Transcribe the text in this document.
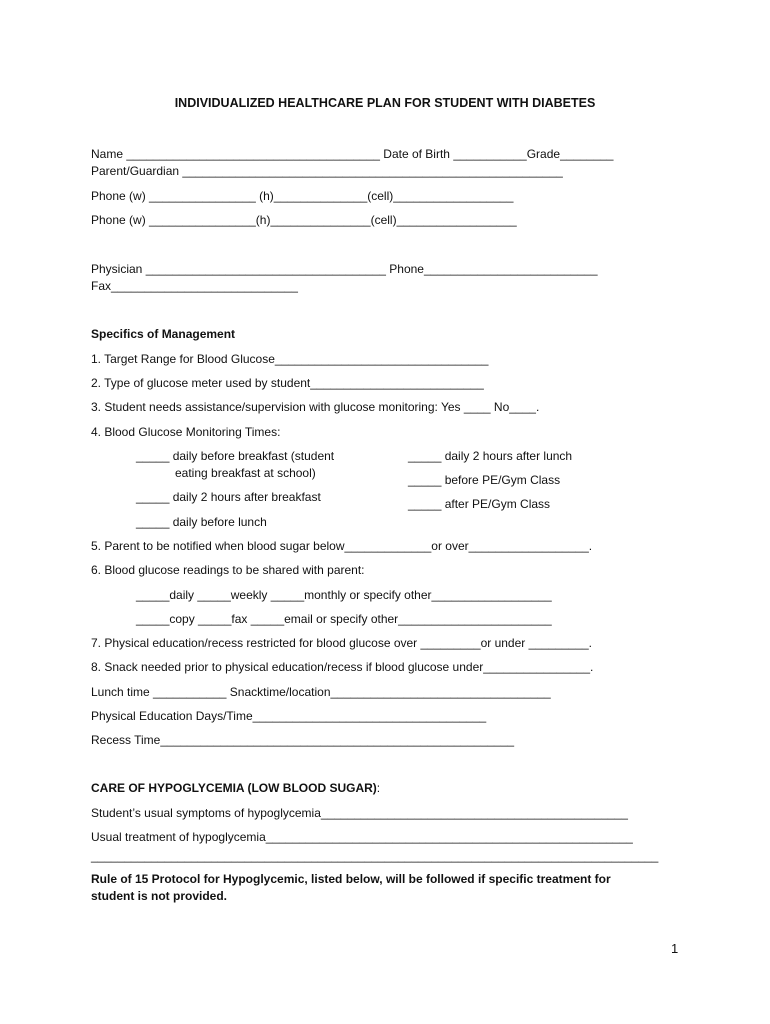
INDIVIDUALIZED HEALTHCARE PLAN FOR STUDENT WITH DIABETES
Name ______________________________________ Date of Birth ___________Grade________
Parent/Guardian _________________________________________________________
Phone (w) ________________ (h)______________(cell)__________________
Phone (w) ________________(h)_______________(cell)__________________
Physician ____________________________________ Phone__________________________
Fax____________________________
Specifics of Management
1. Target Range for Blood Glucose________________________________
2. Type of glucose meter used by student__________________________
3. Student needs assistance/supervision with glucose monitoring: Yes ____ No____.
4. Blood Glucose Monitoring Times:
_____ daily before breakfast (student
eating breakfast at school)
_____ daily 2 hours after breakfast
_____ daily before lunch
_____ daily 2 hours after lunch
_____ before PE/Gym Class
_____ after PE/Gym Class
5. Parent to be notified when blood sugar below_____________or over__________________.
6. Blood glucose readings to be shared with parent:
_____daily _____weekly _____monthly or specify other__________________
_____copy _____fax _____email or specify other_______________________
7. Physical education/recess restricted for blood glucose over _________or under _________.
8. Snack needed prior to physical education/recess if blood glucose under________________.
Lunch time ___________ Snacktime/location_________________________________
Physical Education Days/Time___________________________________
Recess Time_____________________________________________________
CARE OF HYPOGLYCEMIA (LOW BLOOD SUGAR):
Student’s usual symptoms of hypoglycemia______________________________________________
Usual treatment of hypoglycemia_______________________________________________________
_____________________________________________________________________________________
Rule of 15 Protocol for Hypoglycemic, listed below, will be followed if specific treatment for
student is not provided.
1
